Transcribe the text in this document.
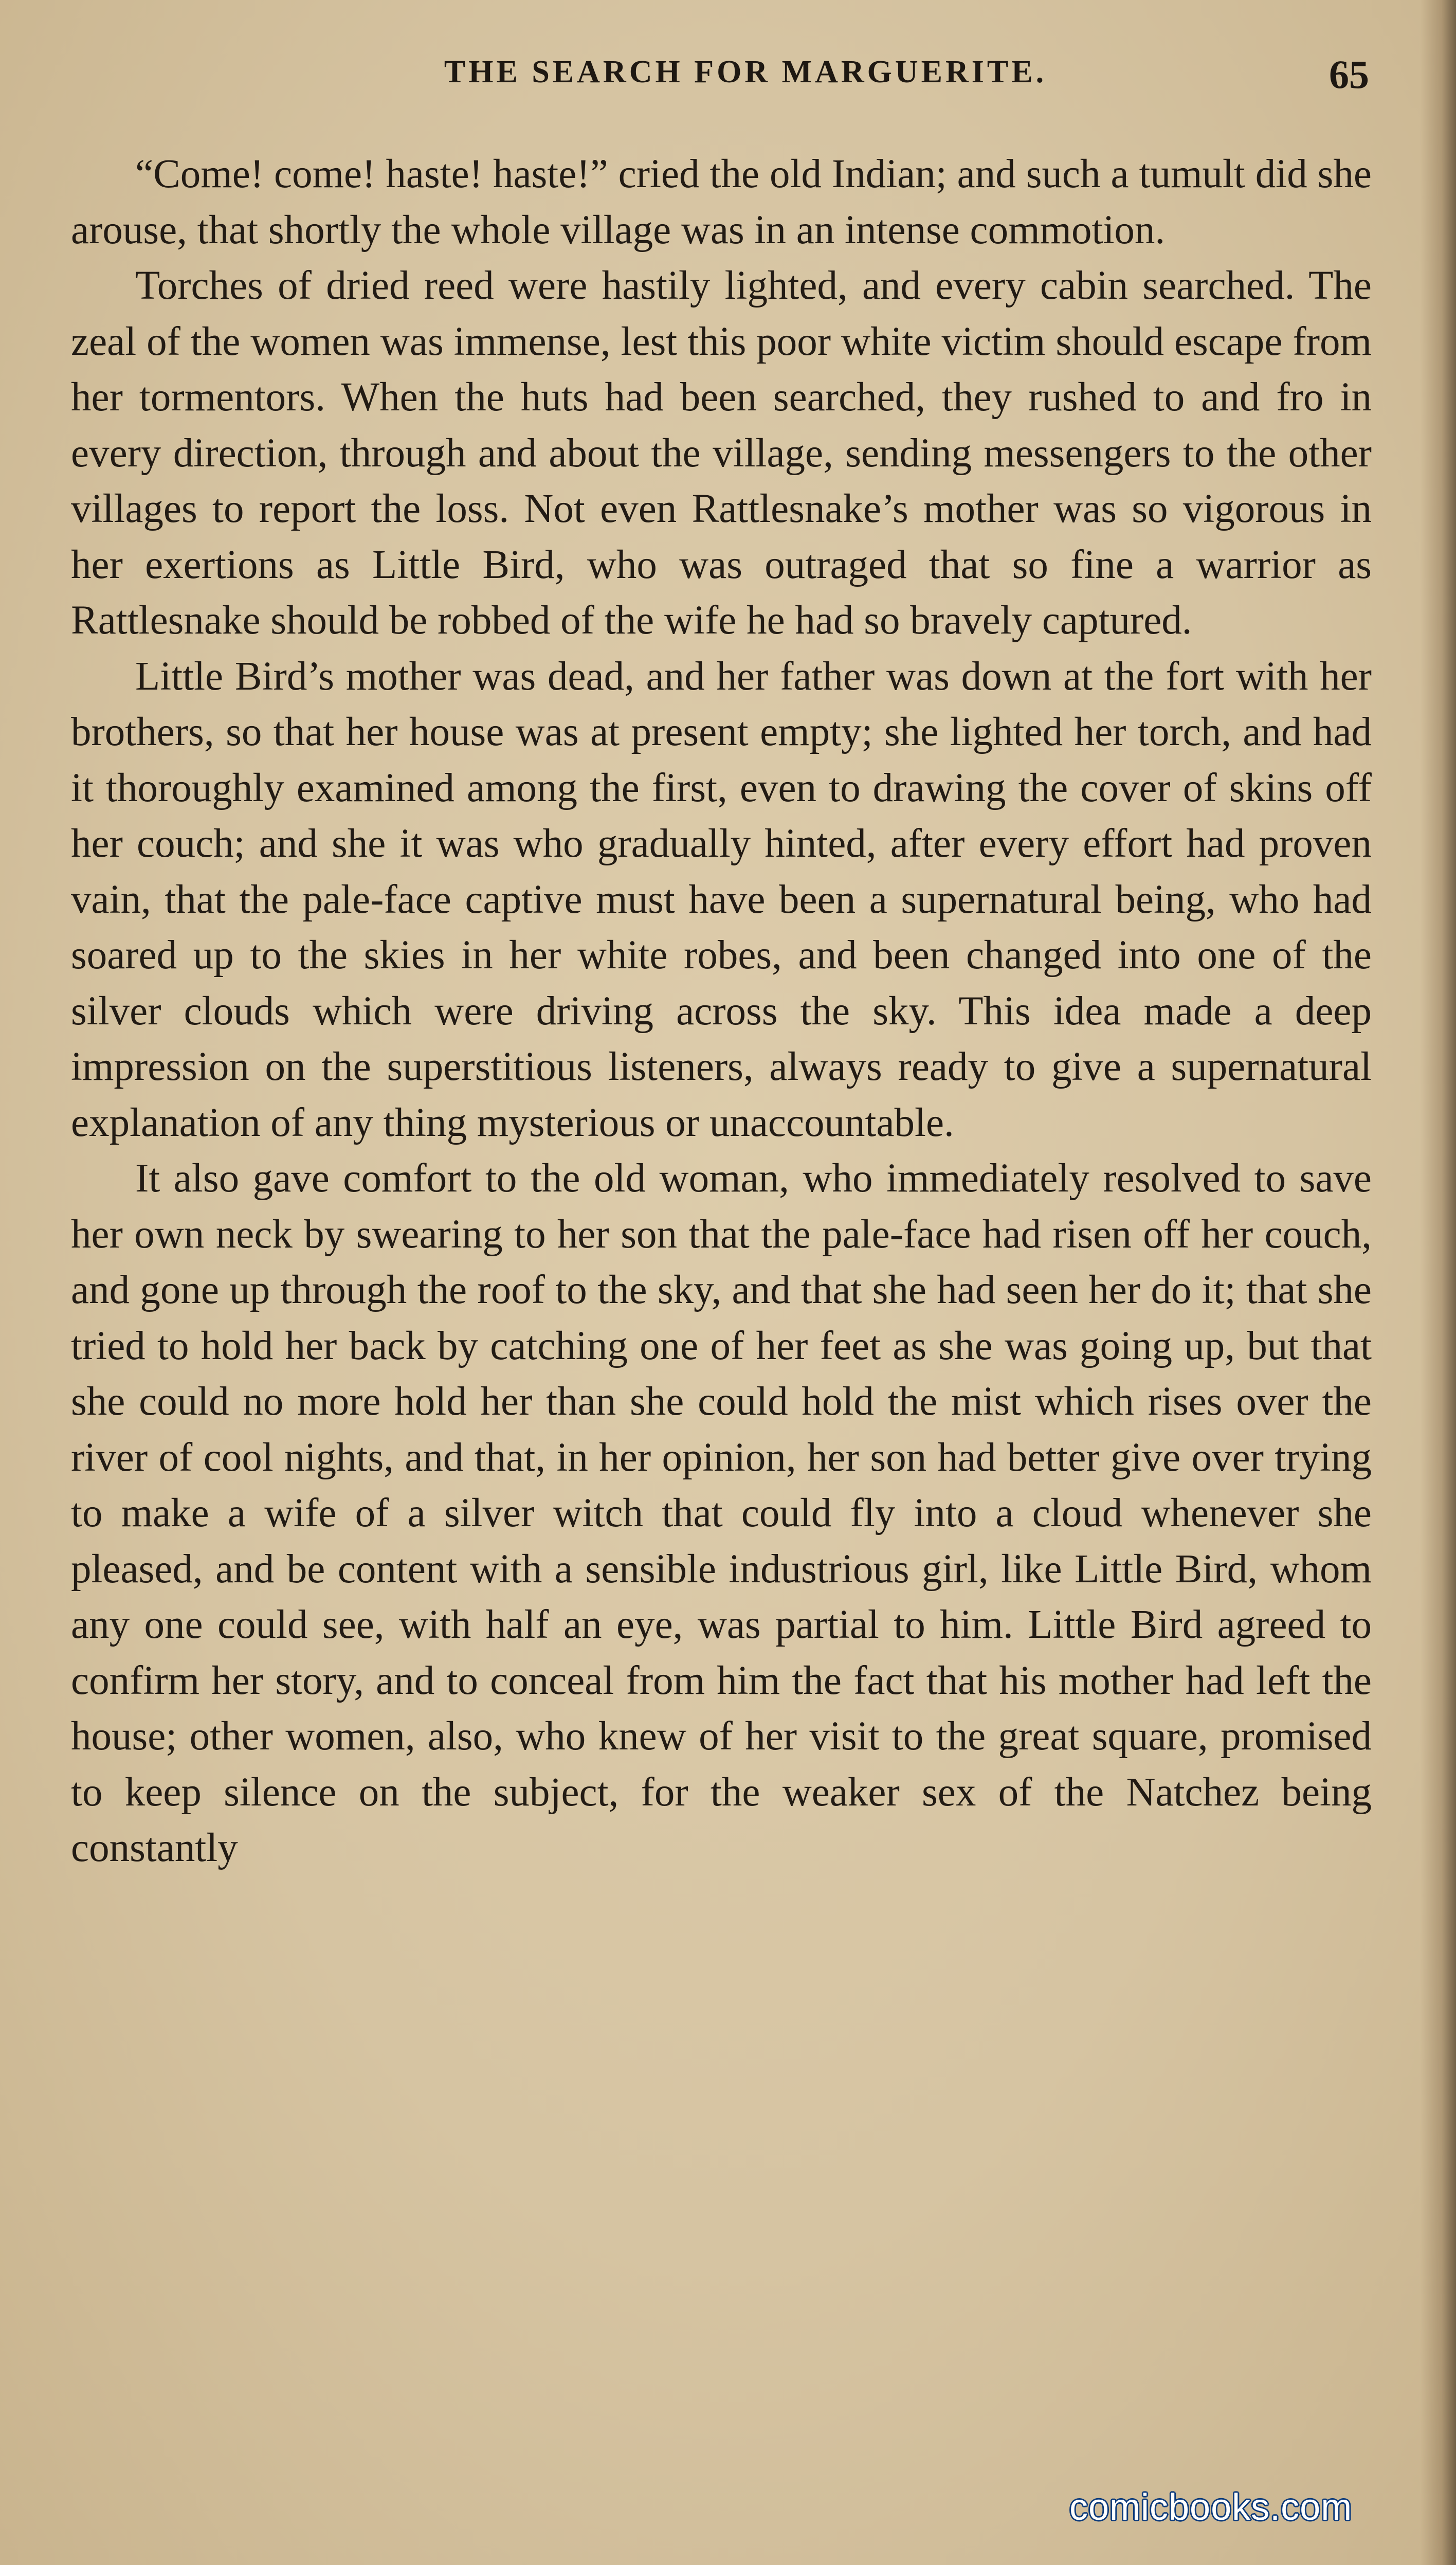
THE SEARCH FOR MARGUERITE.	65

“Come! come! haste! haste!” cried the old Indian; and such a tumult did she arouse, that shortly the whole village was in an intense commotion.

Torches of dried reed were hastily lighted, and every cabin searched. The zeal of the women was immense, lest this poor white victim should escape from her tormentors. When the huts had been searched, they rushed to and fro in every direction, through and about the village, sending messengers to the other villages to report the loss. Not even Rattlesnake’s mother was so vigorous in her exertions as Little Bird, who was outraged that so fine a warrior as Rattlesnake should be robbed of the wife he had so bravely captured.

Little Bird’s mother was dead, and her father was down at the fort with her brothers, so that her house was at present empty; she lighted her torch, and had it thoroughly examined among the first, even to drawing the cover of skins off her couch; and she it was who gradually hinted, after every effort had proven vain, that the pale-face captive must have been a supernatural being, who had soared up to the skies in her white robes, and been changed into one of the silver clouds which were driving across the sky. This idea made a deep impression on the superstitious listeners, always ready to give a supernatural explanation of any thing mysterious or unaccountable.

It also gave comfort to the old woman, who immediately resolved to save her own neck by swearing to her son that the pale-face had risen off her couch, and gone up through the roof to the sky, and that she had seen her do it; that she tried to hold her back by catching one of her feet as she was going up, but that she could no more hold her than she could hold the mist which rises over the river of cool nights, and that, in her opinion, her son had better give over trying to make a wife of a silver witch that could fly into a cloud whenever she pleased, and be content with a sensible industrious girl, like Little Bird, whom any one could see, with half an eye, was partial to him. Little Bird agreed to confirm her story, and to conceal from him the fact that his mother had left the house; other women, also, who knew of her visit to the great square, promised to keep silence on the subject, for the weaker sex of the Natchez being constantly

comicbooks.com
